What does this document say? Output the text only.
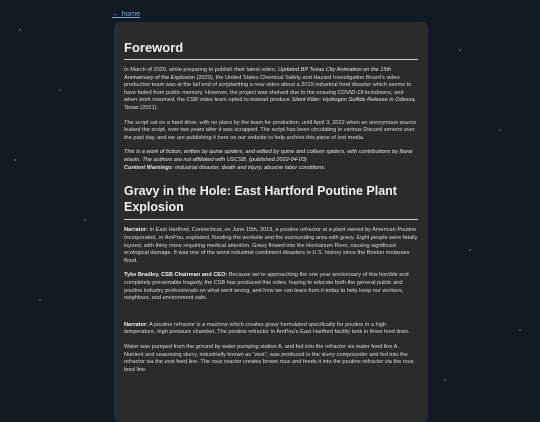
← home
Foreword

In March of 2020, while preparing to publish their latest video, Updated BP Texas City Animation on the 15th Anniversary of the Explosion (2020), the United States Chemical Safety and Hazard Investigation Board’s video production team was at the tail end of scriptwriting a new video about a 2019 industrial food disaster which seems to have faded from public memory. However, the project was shelved due to the ensuing COVID-19 lockdowns, and when work resumed, the CSB video team opted to instead produce Silent Killer: Hydrogen Sulfide Release in Odessa, Texas (2021).

The script sat on a hard drive, with no plans by the team for production, until April 3, 2022 when an anonymous source leaked the script, over two years after it was scrapped. The script has been circulating in various Discord servers over the past day, and we are publishing it here on our website to help archive this piece of lost media.

This is a work of fiction, written by quine spiders, and edited by quine and colleen spiders, with contributions by lliana etaoin. The authors are not affiliated with USCSB. (published 2022-04-03)
Content Warnings: industrial disaster, death and injury, abusive labor conditions.

Gravy in the Hole: East Hartford Poutine Plant Explosion

Narrator: In East Hartford, Connecticut, on June 15th, 2019, a poutine refractor at a plant owned by American Poutine Incorporated, or AmPou, exploded, flooding the worksite and the surrounding area with gravy. Eight people were fatally injured, with thirty more requiring medical attention. Gravy flowed into the Hockanum River, causing significant ecological damage. It was one of the worst industrial condiment disasters in U.S. history since the Boston molasses flood.

Tyke Bradley, CSB Chairman and CEO: Because we’re approaching the one year anniversary of this horrible and completely preventable tragedy, the CSB has produced this video, hoping to educate both the general public and poutine industry professionals on what went wrong, and how we can learn from it today to help keep our workers, neighbors, and environment safe.

Narrator: A poutine refractor is a machine which creates gravy formulated specifically for poutine in a high temperature, high pressure chamber. The poutine refractor in AmPou’s East Hartford facility took in three feed lines.

Water was pumped from the ground by water pumping station A, and fed into the refractor via water feed line A. Nutrient and seasoning slurry, industrially known as “zest”, was produced in the slurry compounder and fed into the refractor via the zest feed line. The roux reactor creates brown roux and feeds it into the poutine refractor via the roux feed line.
